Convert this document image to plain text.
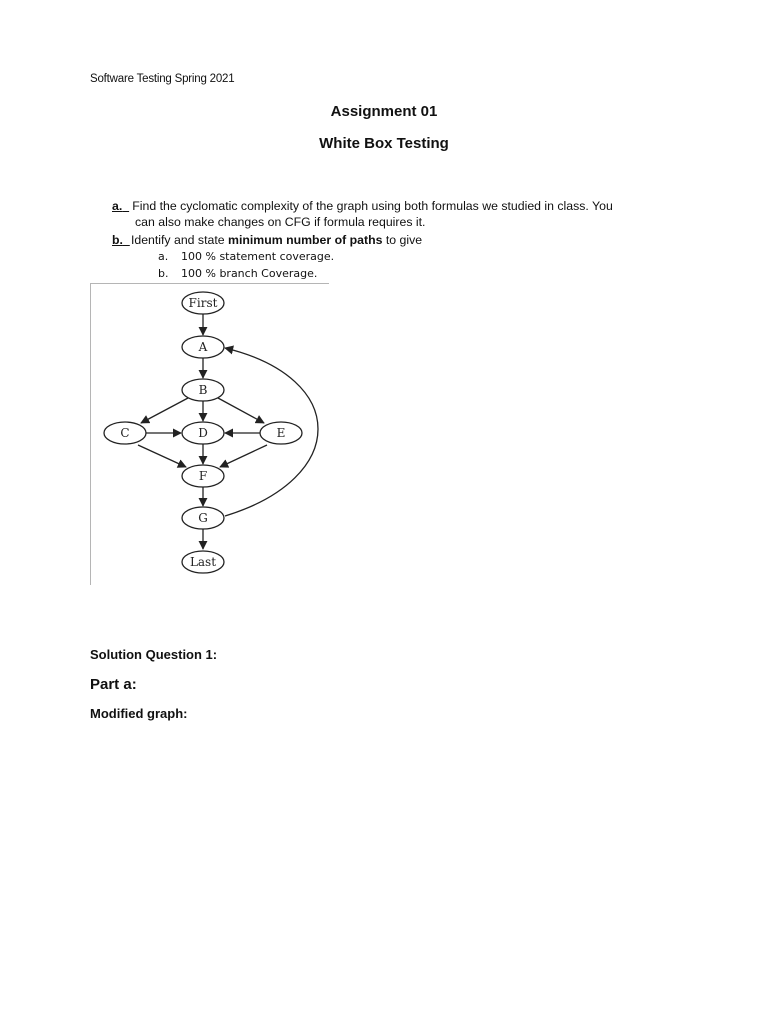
Software Testing Spring 2021
Assignment 01
White Box Testing
a. Find the cyclomatic complexity of the graph using both formulas we studied in class. You
can also make changes on CFG if formula requires it.
b. Identify and state minimum number of paths to give
a. 100 % statement coverage.
b. 100 % branch Coverage.
First
A
B
C	D	E
F
G
Last
Solution Question 1:
Part a:
Modified graph:
